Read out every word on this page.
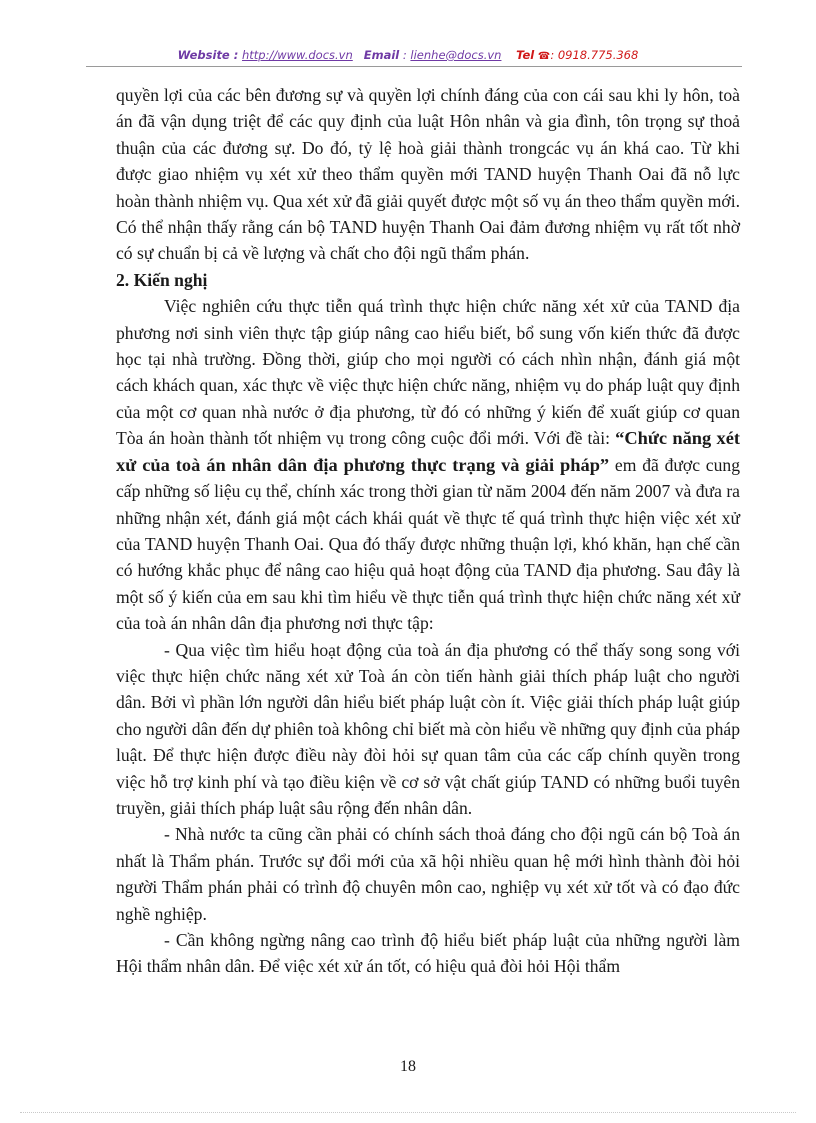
Website : http://www.docs.vn Email : lienhe@docs.vn Tel ☎: 0918.775.368

quyền lợi của các bên đương sự và quyền lợi chính đáng của con cái sau khi ly hôn, toà án đã vận dụng triệt để các quy định của luật Hôn nhân và gia đình, tôn trọng sự thoả thuận của các đương sự. Do đó, tỷ lệ hoà giải thành trongcác vụ án khá cao. Từ khi được giao nhiệm vụ xét xử theo thẩm quyền mới TAND huyện Thanh Oai đã nỗ lực hoàn thành nhiệm vụ. Qua xét xử đã giải quyết được một số vụ án theo thẩm quyền mới. Có thể nhận thấy rằng cán bộ TAND huyện Thanh Oai đảm đương nhiệm vụ rất tốt nhờ có sự chuẩn bị cả về lượng và chất cho đội ngũ thẩm phán.

2. Kiến nghị

Việc nghiên cứu thực tiễn quá trình thực hiện chức năng xét xử của TAND địa phương nơi sinh viên thực tập giúp nâng cao hiểu biết, bổ sung vốn kiến thức đã được học tại nhà trường. Đồng thời, giúp cho mọi người có cách nhìn nhận, đánh giá một cách khách quan, xác thực về việc thực hiện chức năng, nhiệm vụ do pháp luật quy định của một cơ quan nhà nước ở địa phương, từ đó có những ý kiến để xuất giúp cơ quan Tòa án hoàn thành tốt nhiệm vụ trong công cuộc đổi mới. Với đề tài: “Chức năng xét xử của toà án nhân dân địa phương thực trạng và giải pháp” em đã được cung cấp những số liệu cụ thể, chính xác trong thời gian từ năm 2004 đến năm 2007 và đưa ra những nhận xét, đánh giá một cách khái quát về thực tế quá trình thực hiện việc xét xử của TAND huyện Thanh Oai. Qua đó thấy được những thuận lợi, khó khăn, hạn chế cần có hướng khắc phục để nâng cao hiệu quả hoạt động của TAND địa phương. Sau đây là một số ý kiến của em sau khi tìm hiểu về thực tiễn quá trình thực hiện chức năng xét xử của toà án nhân dân địa phương nơi thực tập:

- Qua việc tìm hiểu hoạt động của toà án địa phương có thể thấy song song với việc thực hiện chức năng xét xử Toà án còn tiến hành giải thích pháp luật cho người dân. Bởi vì phần lớn người dân hiểu biết pháp luật còn ít. Việc giải thích pháp luật giúp cho người dân đến dự phiên toà không chỉ biết mà còn hiểu về những quy định của pháp luật. Để thực hiện được điều này đòi hỏi sự quan tâm của các cấp chính quyền trong việc hỗ trợ kinh phí và tạo điều kiện về cơ sở vật chất giúp TAND có những buổi tuyên truyền, giải thích pháp luật sâu rộng đến nhân dân.

- Nhà nước ta cũng cần phải có chính sách thoả đáng cho đội ngũ cán bộ Toà án nhất là Thẩm phán. Trước sự đổi mới của xã hội nhiều quan hệ mới hình thành đòi hỏi người Thẩm phán phải có trình độ chuyên môn cao, nghiệp vụ xét xử tốt và có đạo đức nghề nghiệp.

- Cần không ngừng nâng cao trình độ hiểu biết pháp luật của những người làm Hội thẩm nhân dân. Để việc xét xử án tốt, có hiệu quả đòi hỏi Hội thẩm

18
